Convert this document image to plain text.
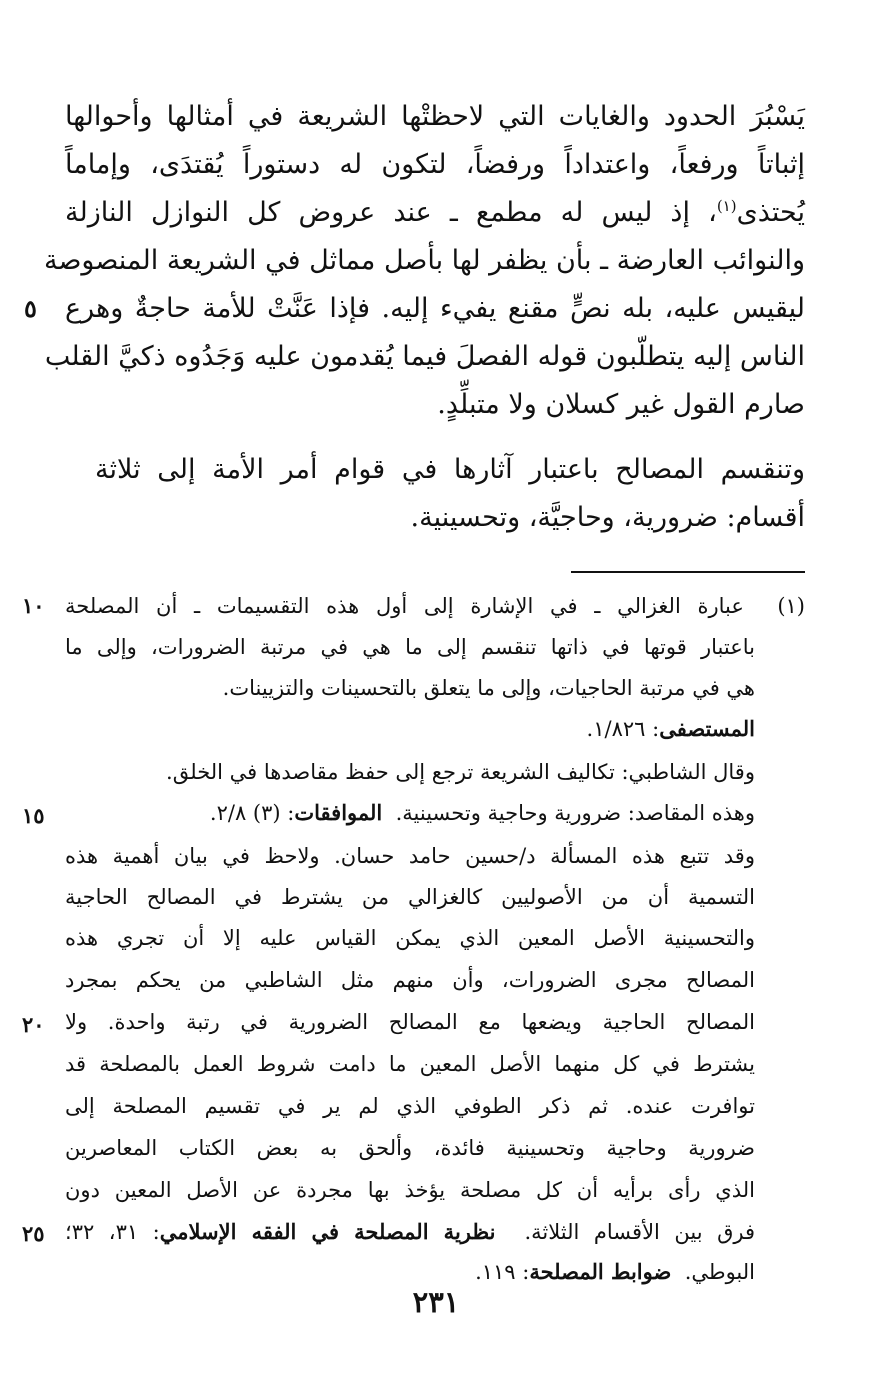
يَسْبُرَ الحدود والغايات التي لاحظتْها الشريعة في أمثالها وأحوالها
إثباتاً ورفعاً، واعتداداً ورفضاً، لتكون له دستوراً يُقتدَى، وإماماً
يُحتذى$^{(١)}$، إذ ليس له مطمع ـ عند عروض كل النوازل النازلة
والنوائب العارضة ـ بأن يظفر لها بأصل مماثل في الشريعة المنصوصة
ليقيس عليه، بله نصٍّ مقنع يفيء إليه. فإذا عَنَّتْ للأمة حاجةٌ وهرع
٥
الناس إليه يتطلّبون قوله الفصلَ فيما يُقدمون عليه وَجَدُوه ذكيَّ القلب
صارم القول غير كسلان ولا متبلِّدٍ.
وتنقسم المصالح باعتبار آثارها في قوام أمر الأمة إلى ثلاثة
أقسام: ضرورية، وحاجيَّة، وتحسينية.
(١)  عبارة الغزالي ـ في الإشارة إلى أول هذه التقسيمات ـ أن المصلحة
١٠
باعتبار قوتها في ذاتها تنقسم إلى ما هي في مرتبة الضرورات، وإلى ما
هي في مرتبة الحاجيات، وإلى ما يتعلق بالتحسينات والتزيينات.
المستصفى: ١/٨٢٦.
وقال الشاطبي: تكاليف الشريعة ترجع إلى حفظ مقاصدها في الخلق.
وهذه المقاصد: ضرورية وحاجية وتحسينية.  الموافقات: (٣) ٢/٨.
١٥
وقد تتبع هذه المسألة د/حسين حامد حسان. ولاحظ في بيان أهمية هذه
التسمية أن من الأصوليين كالغزالي من يشترط في المصالح الحاجية
والتحسينية الأصل المعين الذي يمكن القياس عليه إلا أن تجري هذه
المصالح مجرى الضرورات، وأن منهم مثل الشاطبي من يحكم بمجرد
المصالح الحاجية ويضعها مع المصالح الضرورية في رتبة واحدة. ولا
٢٠
يشترط في كل منهما الأصل المعين ما دامت شروط العمل بالمصلحة قد
توافرت عنده. ثم ذكر الطوفي الذي لم ير في تقسيم المصلحة إلى
ضرورية وحاجية وتحسينية فائدة، وألحق به بعض الكتاب المعاصرين
الذي رأى برأيه أن كل مصلحة يؤخذ بها مجردة عن الأصل المعين دون
فرق بين الأقسام الثلاثة.  نظرية المصلحة في الفقه الإسلامي: ٣١، ٣٢؛
٢٥
البوطي.  ضوابط المصلحة: ١١٩.
٢٣١
